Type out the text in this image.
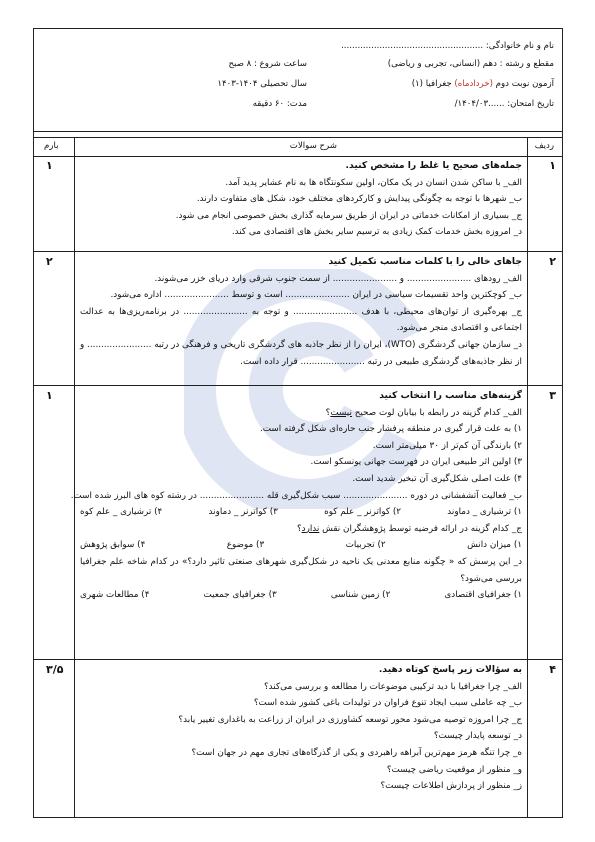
نام و نام خانوادگی: ....................................................
مقطع و رشته : دهم (انسانی، تجربی و ریاضی)
ساعت شروع : ۸ صبح
آزمون نوبت دوم (خردادماه) جغرافیا (۱)
سال تحصیلی ۱۴۰۴-۱۴۰۳
تاریخ امتحان: ......۱۴۰۴/۰۳/
مدت: ۶۰ دقیقه
ردیف
شرح سوالات
بارم
۱
۱	جمله‌های صحیح یا غلط را مشخص کنید.
الف_ با ساکن شدن انسان در یک مکان، اولین سکونتگاه ها به نام عشایر پدید آمد.
ب_ شهرها با توجه به چگونگی پیدایش و کارکردهای مختلف خود، شکل های متفاوت دارند.
ج_ بسیاری از امکانات خدماتی در ایران از طریق سرمایه گذاری بخش خصوصی انجام می شود.
د_ امروزه بخش خدمات کمک زیادی به ترسیم سایر بخش های اقتصادی می کند.
۲
۲	جاهای خالی را با کلمات مناسب تکمیل کنید
الف_ رودهای ....................... و ....................... از سمت جنوب شرقی وارد دریای خزر می‌شوند.
ب_ کوچکترین واحد تقسیمات سیاسی در ایران ....................... است و توسط ....................... اداره می‌شود.
ج_ بهره‌گیری از توان‌های محیطی، با هدف ....................... و توجه به ....................... در برنامه‌ریزی‌ها به عدالت اجتماعی و اقتصادی منجر می‌شود.
د_ سازمان جهانی گردشگری (WTO)، ایران را از نظر جاذبه های گردشگری تاریخی و فرهنگی در رتبه ....................... و از نظر جاذبه‌های گردشگری طبیعی در رتبه ....................... قرار داده است.
۳
۱	گزینه‌های مناسب را انتخاب کنید
الف_ کدام گزینه در رابطه با بیابان لوت صحیح نیست؟
۱) به علت قرار گیری در منطقه پرفشار جنب حاره‌ای شکل گرفته است.
۲) بارندگی آن کم‌تر از ۳۰ میلی‌متر است.
۳) اولین اثر طبیعی ایران در فهرست جهانی یونسکو است.
۴) علت اصلی شکل‌گیری آن تبخیر شدید است.
ب_ فعالیت آتشفشانی در دوره ....................... سبب شکل‌گیری قله ....................... در رشته کوه های البرز شده است.
۱) ترشیاری _ دماوند
۲) کواترنر _ علم کوه
۳) کواترنر _ دماوند
۴) ترشیاری _ علم کوه
ج_ کدام گزینه در ارائه فرضیه توسط پژوهشگران نقش ندارد؟
۱) میزان دانش
۲) تجربیات
۳) موضوع
۴) سوابق پژوهش
د_ این پرسش که « چگونه منابع معدنی یک ناحیه در شکل‌گیری شهرهای صنعتی تاثیر دارد؟» در کدام شاخه علم جغرافیا بررسی می‌شود؟
۱) جغرافیای اقتصادی
۲) زمین شناسی
۳) جغرافیای جمعیت
۴) مطالعات شهری
۴
۳/۵	به سؤالات زیر پاسخ کوتاه دهید.
الف_ چرا جغرافیا با دید ترکیبی موضوعات را مطالعه و بررسی می‌کند؟
ب_ چه عاملی سبب ایجاد تنوع فراوان در تولیدات باغی کشور شده است؟
ج_ چرا امروزه توصیه می‌شود محور توسعه کشاورزی در ایران از زراعت به باغداری تغییر یابد؟
د_ توسعه پایدار چیست؟
ه_ چرا تنگه هرمز مهم‌ترین آبراهه راهبردی و یکی از گذرگاه‌های تجاری مهم در جهان است؟
و_ منظور از موقعیت ریاضی چیست؟
ز_ منظور از پردازش اطلاعات چیست؟
